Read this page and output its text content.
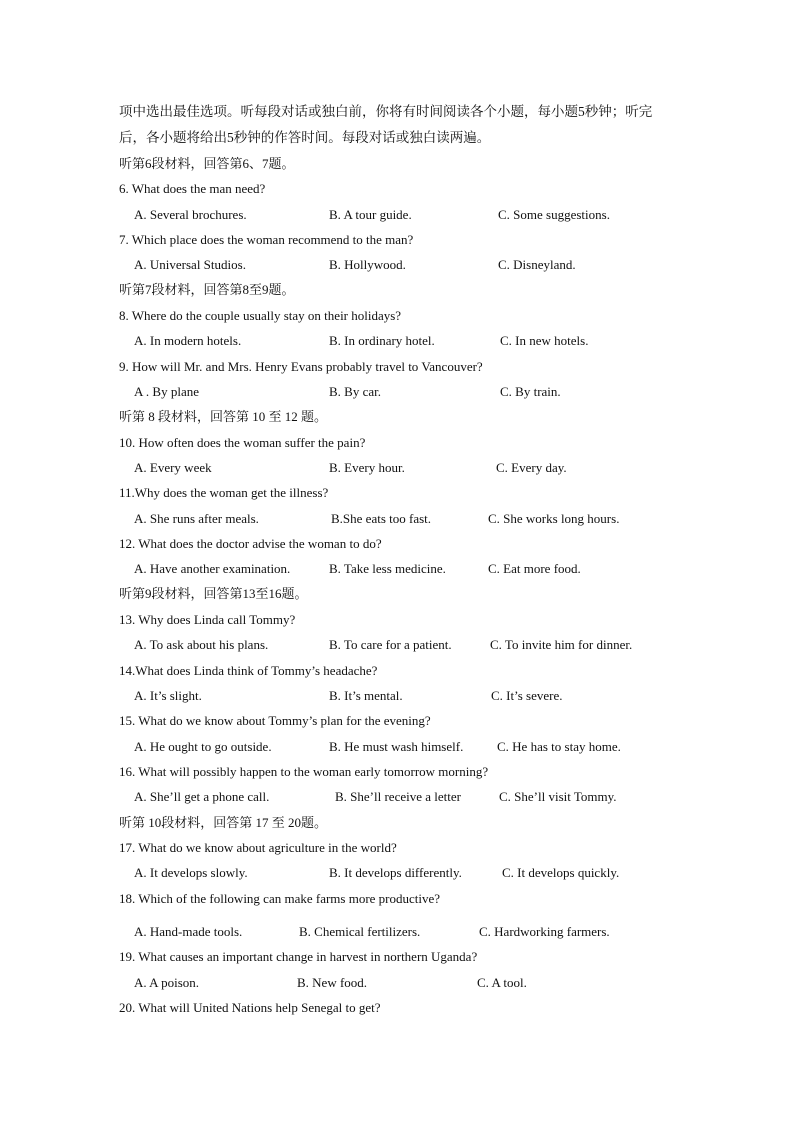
项中选出最佳选项。听每段对话或独白前，你将有时间阅读各个小题，每小题5秒钟；听完
后，各小题将给出5秒钟的作答时间。每段对话或独白读两遍。
听第6段材料，回答第6、7题。
6. What does the man need?
A. Several brochures.	B. A tour guide.	C. Some suggestions.
7. Which place does the woman recommend to the man?
A. Universal Studios.	B. Hollywood.	C. Disneyland.
听第7段材料，回答第8至9题。
8. Where do the couple usually stay on their holidays?
A. In modern hotels.	B. In ordinary hotel.	C. In new hotels.
9. How will Mr. and Mrs. Henry Evans probably travel to Vancouver?
A . By plane	B. By car.	C. By train.
听第 8 段材料，回答第 10 至 12 题。
10. How often does the woman suffer the pain?
A. Every week	B. Every hour.	C. Every day.
11.Why does the woman get the illness?
A. She runs after meals.	B.She eats too fast.	C. She works long hours.
12. What does the doctor advise the woman to do?
A. Have another examination.	B. Take less medicine.	C. Eat more food.
听第9段材料，回答第13至16题。
13. Why does Linda call Tommy?
A. To ask about his plans.	B. To care for a patient.	C. To invite him for dinner.
14.What does Linda think of Tommy’s headache?
A. It’s slight.	B. It’s mental.	C. It’s severe.
15. What do we know about Tommy’s plan for the evening?
A. He ought to go outside.	B. He must wash himself.	C. He has to stay home.
16. What will possibly happen to the woman early tomorrow morning?
A. She’ll get a phone call.	B. She’ll receive a letter	C. She’ll visit Tommy.
听第 10段材料，回答第 17 至 20题。
17. What do we know about agriculture in the world?
A. It develops slowly.	B. It develops differently.	C. It develops quickly.
18. Which of the following can make farms more productive?
A. Hand-made tools.	B. Chemical fertilizers.	C. Hardworking farmers.
19. What causes an important change in harvest in northern Uganda?
A. A poison.	B. New food.	C. A tool.
20. What will United Nations help Senegal to get?
